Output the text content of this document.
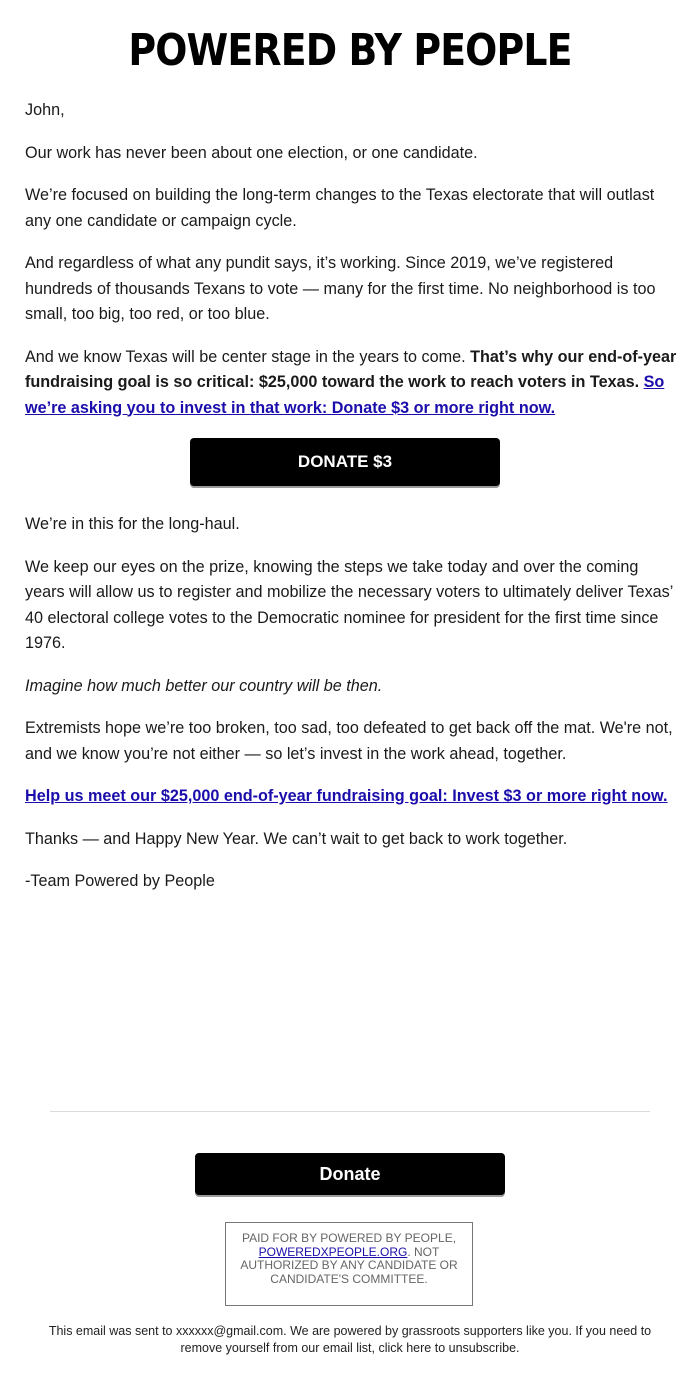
POWERED BY PEOPLE

John,

Our work has never been about one election, or one candidate.

We’re focused on building the long-term changes to the Texas electorate that will outlast any one candidate or campaign cycle.

And regardless of what any pundit says, it’s working. Since 2019, we’ve registered hundreds of thousands Texans to vote — many for the first time. No neighborhood is too small, too big, too red, or too blue.

And we know Texas will be center stage in the years to come. That’s why our end-of-year fundraising goal is so critical: $25,000 toward the work to reach voters in Texas. So we’re asking you to invest in that work: Donate $3 or more right now.

DONATE $3

We’re in this for the long-haul.

We keep our eyes on the prize, knowing the steps we take today and over the coming years will allow us to register and mobilize the necessary voters to ultimately deliver Texas’ 40 electoral college votes to the Democratic nominee for president for the first time since 1976.

Imagine how much better our country will be then.

Extremists hope we’re too broken, too sad, too defeated to get back off the mat. We're not, and we know you’re not either — so let’s invest in the work ahead, together.

Help us meet our $25,000 end-of-year fundraising goal: Invest $3 or more right now.

Thanks — and Happy New Year. We can’t wait to get back to work together.

-Team Powered by People

Donate
PAID FOR BY POWERED BY PEOPLE, POWEREDXPEOPLE.ORG. NOT AUTHORIZED BY ANY CANDIDATE OR CANDIDATE'S COMMITTEE.
This email was sent to xxxxxx@gmail.com. We are powered by grassroots supporters like you. If you need to remove yourself from our email list, click here to unsubscribe.
